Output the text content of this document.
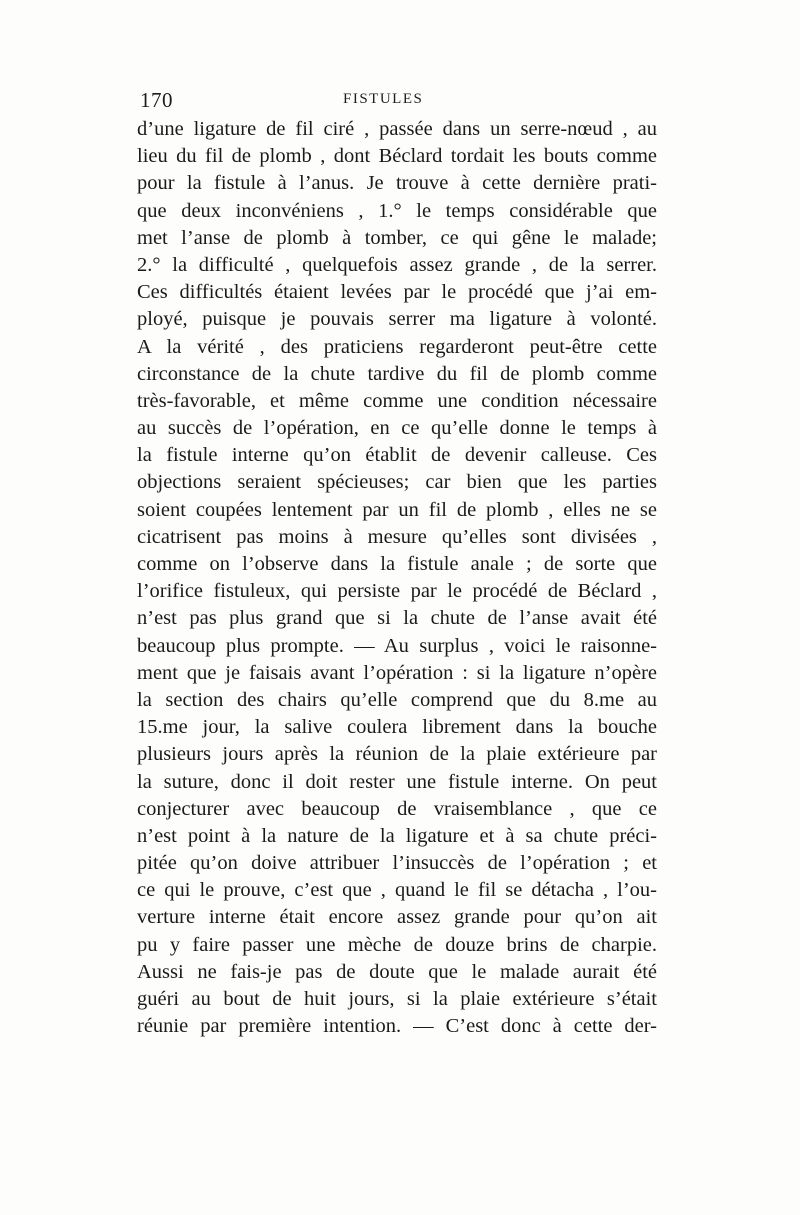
170	FISTULES
d’une ligature de fil ciré , passée dans un serre-nœud , au
lieu du fil de plomb , dont Béclard tordait les bouts comme
pour la fistule à l’anus. Je trouve à cette dernière prati-
que deux inconvéniens , 1.° le temps considérable que
met l’anse de plomb à tomber, ce qui gêne le malade;
2.° la difficulté , quelquefois assez grande , de la serrer.
Ces difficultés étaient levées par le procédé que j’ai em-
ployé, puisque je pouvais serrer ma ligature à volonté.
A la vérité , des praticiens regarderont peut-être cette
circonstance de la chute tardive du fil de plomb comme
très-favorable, et même comme une condition nécessaire
au succès de l’opération, en ce qu’elle donne le temps à
la fistule interne qu’on établit de devenir calleuse. Ces
objections seraient spécieuses; car bien que les parties
soient coupées lentement par un fil de plomb , elles ne se
cicatrisent pas moins à mesure qu’elles sont divisées ,
comme on l’observe dans la fistule anale ; de sorte que
l’orifice fistuleux, qui persiste par le procédé de Béclard ,
n’est pas plus grand que si la chute de l’anse avait été
beaucoup plus prompte. — Au surplus , voici le raisonne-
ment que je faisais avant l’opération : si la ligature n’opère
la section des chairs qu’elle comprend que du 8.me au
15.me jour, la salive coulera librement dans la bouche
plusieurs jours après la réunion de la plaie extérieure par
la suture, donc il doit rester une fistule interne. On peut
conjecturer avec beaucoup de vraisemblance , que ce
n’est point à la nature de la ligature et à sa chute préci-
pitée qu’on doive attribuer l’insuccès de l’opération ; et
ce qui le prouve, c’est que , quand le fil se détacha , l’ou-
verture interne était encore assez grande pour qu’on ait
pu y faire passer une mèche de douze brins de charpie.
Aussi ne fais-je pas de doute que le malade aurait été
guéri au bout de huit jours, si la plaie extérieure s’était
réunie par première intention. — C’est donc à cette der-
